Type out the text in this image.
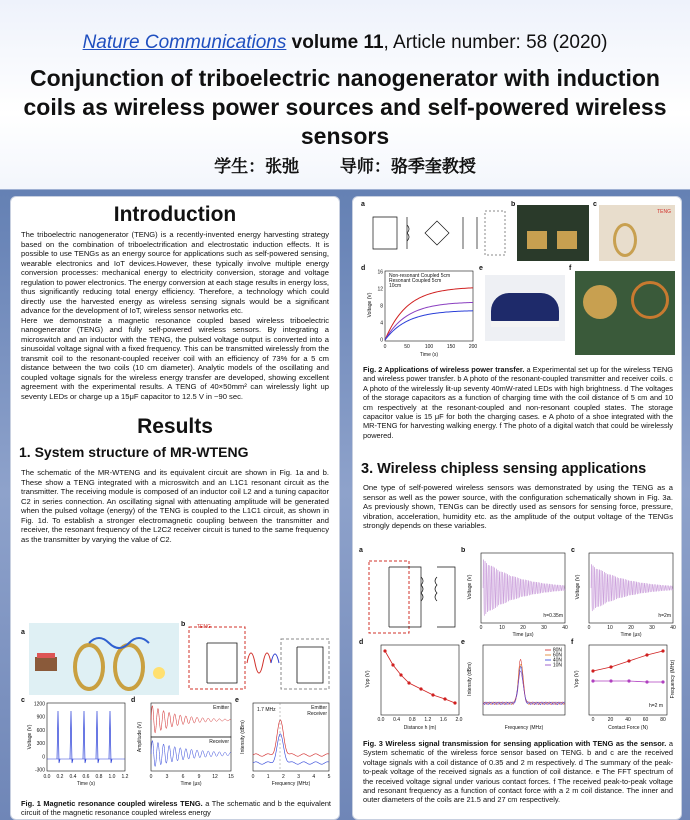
Nature Communications volume 11, Article number: 58 (2020)
Conjunction of triboelectric nanogenerator with induction coils as wireless power sources and self-powered wireless sensors
学生：张弛 导师：骆季奎教授
Introduction

The triboelectric nanogenerator (TENG) is a recently-invented energy harvesting strategy based on the combination of triboelectrification and electrostatic induction effects. It is possible to use TENGs as an energy source for applications such as self-powered sensing, wearable electronics and IoT devices.However, these typically involve multiple energy conversion processes: mechanical energy to electricity conversion, storage and voltage regulation to power electronics. The energy conversion at each stage results in energy loss, thus significantly reducing total energy efficiency. Therefore, a technology which could directly use the harvested energy as wireless sensing signals would be a significant advance for the development of IoT, wireless sensor networks etc.

Here we demonstrate a magnetic resonance coupled based wireless triboelectric nanogenerator (TENG) and fully self-powered wireless sensors. By integrating a microswitch and an inductor with the TENG, the pulsed voltage output is converted into a sinusoidal voltage signal with a fixed frequency. This can be transmitted wirelessly from the transmit coil to the resonant-coupled receiver coil with an efficiency of 73% for a 5 cm distance between the two coils (10 cm diameter). Analytic models of the oscillating and coupled voltage signals for the wireless energy transfer are developed, showing excellent agreement with the experimental results. A TENG of 40×50mm² can wirelessly light up seventy LEDs or charge up a 15μF capacitor to 12.5 V in ~90 sec.

Results
1. System structure of MR-WTENG

The schematic of the MR-WTENG and its equivalent circuit are shown in Fig. 1a and b. These show a TENG integrated with a microswitch and an L1C1 resonant circuit as the transmitter. The receiving module is composed of an inductor coil L2 and a tuning capacitor C2 in series connection. An oscillating signal with attenuating amplitude will be generated when the pulsed voltage (energy) of the TENG is coupled to the L1C1 circuit, as shown in Fig. 1d. To establish a stronger electromagnetic coupling between the transmitter and receiver, the resonant frequency of the L2C2 receiver circuit is tuned to the same frequency as the transmitter by varying the value of C2.

a
b TENG
c
1200
900
600
300
0
-300
0.0 0.2 0.4 0.6 0.8 1.0 1.2
Voltage (V)
Time (s)
d
Emitter
Receiver
0	3	6	9 12 15
Amplitude (V)
Time (μs)
e
1.7 MHz	Emitter
Receiver
0 1 2 3 4 5
Intensity (dBm)
Frequency (MHz)

Fig. 1 Magnetic resonance coupled wireless TENG. a The schematic and b the equivalent circuit of the magnetic resonance coupled wireless energy

a	b	c
TENG
d
16
12
8
4
0
0	50	100	150	200
Voltage (V)
Time (s)
Non-resonant Coupled 5cm
Resonant Coupled 5cm
10cm
e	f

Fig. 2 Applications of wireless power transfer. a Experimental set up for the wireless TENG and wireless power transfer. b A photo of the resonant-coupled transmitter and receiver coils. c A photo of the wirelessly lit-up seventy 40mW-rated LEDs with high brightness. d The voltages of the storage capacitors as a function of charging time with the coil distance of 5 cm and 10 cm respectively at the resonant-coupled and non-resonant coupled states. The storage capacitor value is 15 μF for both the charging cases. e A photo of a shoe integrated with the MR-TENG for harvesting walking energy. f The photo of a digital watch that could be wirelessly powered.

3. Wireless chipless sensing applications

One type of self-powered wireless sensors was demonstrated by using the TENG as a sensor as well as the power source, with the configuration schematically shown in Fig. 3a. As previously shown, TENGs can be directly used as sensors for sensing force, pressure, vibration, acceleration, humidity etc. as the amplitude of the output voltage of the TENGs strongly depends on these variables.

a	b
h=0.35m
0	10	20	30	40
Voltage (V)
Time (μs)
c
h=2m
0	10	20	30	40
Voltage (V)
Time (μs)
d
0.0 0.4 0.8 1.2 1.6 2.0
Vpp (V)
Distance h (m)
e
Intensity (dBm)
Frequency (MHz)
80N
60N
40N
10N
f
0	20 40 60 80
Vpp (V)	Frequency (MHz)
Contact Force (N)
h=2 m

Fig. 3 Wireless signal transmission for sensing application with TENG as the sensor. a System schematic of the wireless force sensor based on TENG. b and c are the received voltage signals with a coil distance of 0.35 and 2 m respectively. d The summary of the peak-to-peak voltage of the received signals as a function of coil distance. e The FFT spectrum of the received voltage signal under various contact forces. f The received peak-to-peak voltage and resonant frequency as a function of contact force with a 2 m coil distance. The inner and outer diameters of the coils are 21.5 and 27 cm respectively.
